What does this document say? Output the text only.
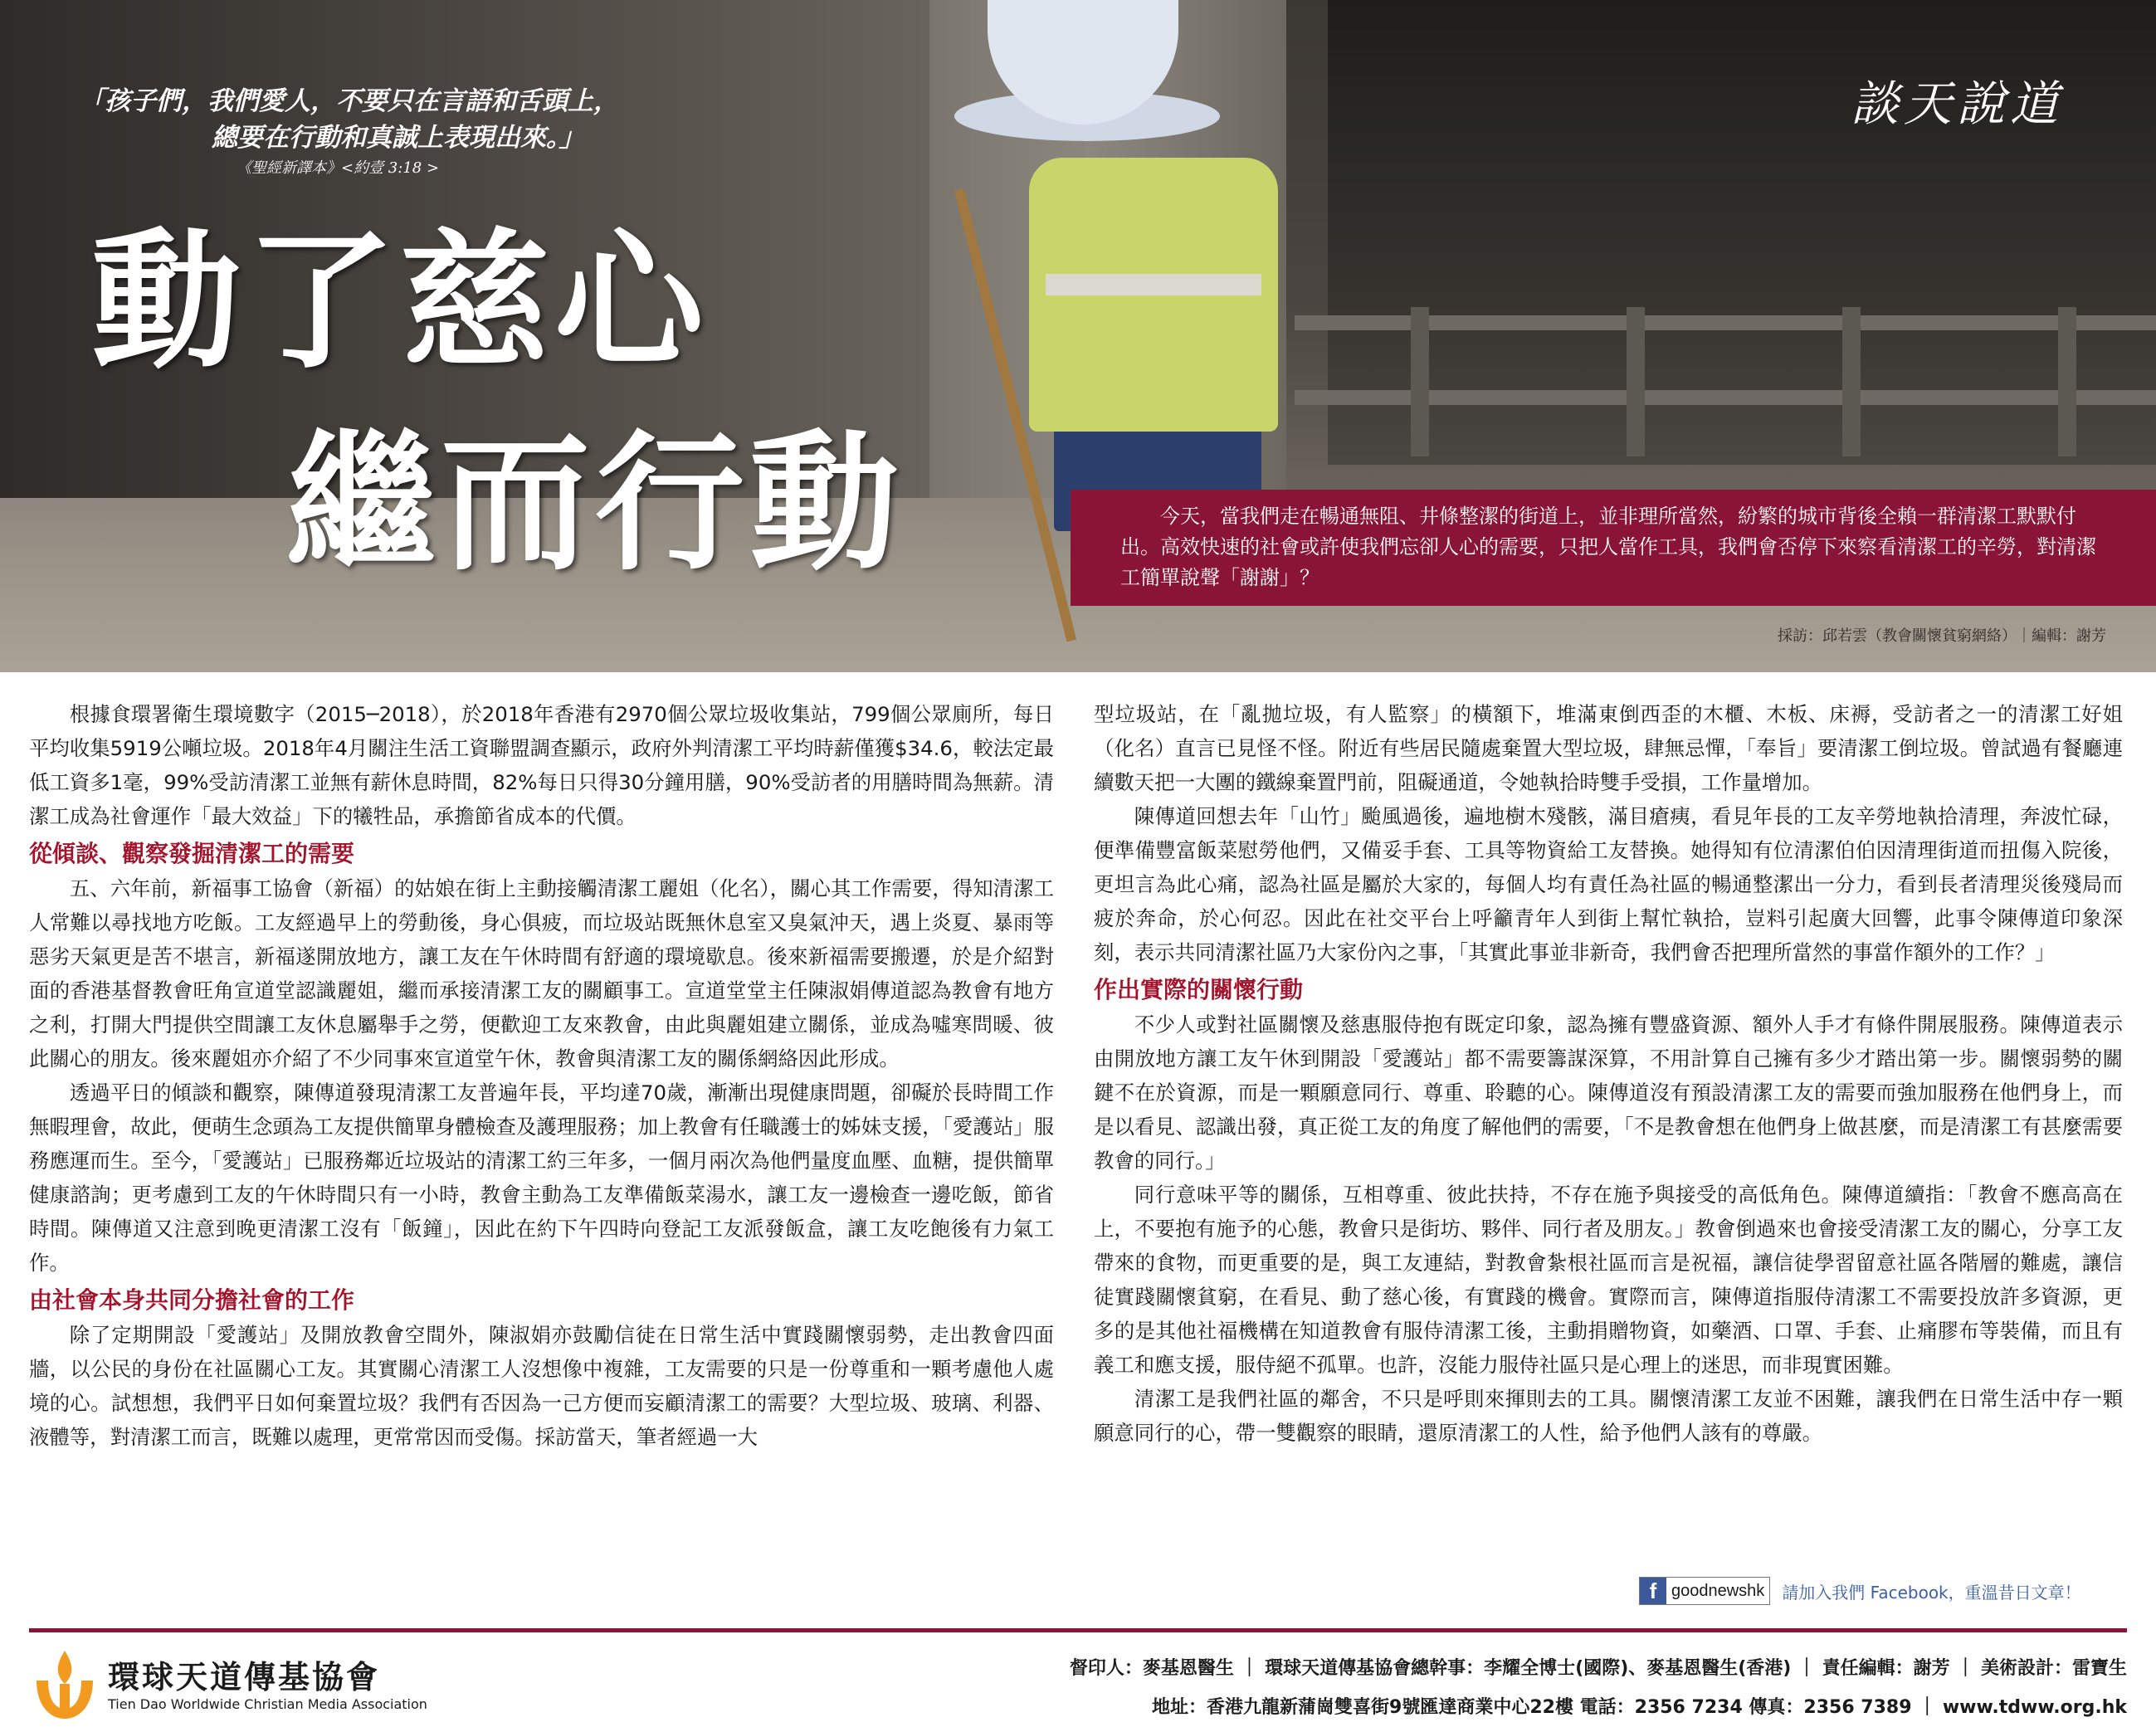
「孩子們，我們愛人，不要只在言語和舌頭上，
總要在行動和真誠上表現出來。」
《聖經新譯本》<約壹 3:18 >
談天說道
動了慈心
繼而行動	今天，當我們走在暢通無阻、井條整潔的街道上，並非理所當然，紛繁的城市背後全賴一群清潔工默默付出。高效快速的社會或許使我們忘卻人心的需要，只把人當作工具，我們會否停下來察看清潔工的辛勞，對清潔工簡單說聲「謝謝」？

採訪：邱若雲（教會關懷貧窮網絡）｜編輯：謝芳

根據食環署衛生環境數字（2015─2018），於2018年香港有2970個公眾垃圾收集站，799個公眾廁所，每日平均收集5919公噸垃圾。2018年4月關注生活工資聯盟調查顯示，政府外判清潔工平均時薪僅獲$34.6，較法定最低工資多1毫，99%受訪清潔工並無有薪休息時間，82%每日只得30分鐘用膳，90%受訪者的用膳時間為無薪。清潔工成為社會運作「最大效益」下的犧牲品，承擔節省成本的代價。

從傾談、觀察發掘清潔工的需要

五、六年前，新福事工協會（新福）的姑娘在街上主動接觸清潔工麗姐（化名），關心其工作需要，得知清潔工人常難以尋找地方吃飯。工友經過早上的勞動後，身心俱疲，而垃圾站既無休息室又臭氣沖天，遇上炎夏、暴雨等惡劣天氣更是苦不堪言，新福遂開放地方，讓工友在午休時間有舒適的環境歇息。後來新福需要搬遷，於是介紹對面的香港基督教會旺角宣道堂認識麗姐，繼而承接清潔工友的關顧事工。宣道堂堂主任陳淑娟傳道認為教會有地方之利，打開大門提供空間讓工友休息屬舉手之勞，便歡迎工友來教會，由此與麗姐建立關係，並成為噓寒問暖、彼此關心的朋友。後來麗姐亦介紹了不少同事來宣道堂午休，教會與清潔工友的關係網絡因此形成。

透過平日的傾談和觀察，陳傳道發現清潔工友普遍年長，平均達70歲，漸漸出現健康問題，卻礙於長時間工作無暇理會，故此，便萌生念頭為工友提供簡單身體檢查及護理服務；加上教會有任職護士的姊妹支援，「愛護站」服務應運而生。至今，「愛護站」已服務鄰近垃圾站的清潔工約三年多，一個月兩次為他們量度血壓、血糖，提供簡單健康諮詢；更考慮到工友的午休時間只有一小時，教會主動為工友準備飯菜湯水，讓工友一邊檢查一邊吃飯，節省時間。陳傳道又注意到晚更清潔工沒有「飯鐘」，因此在約下午四時向登記工友派發飯盒，讓工友吃飽後有力氣工作。

由社會本身共同分擔社會的工作

除了定期開設「愛護站」及開放教會空間外，陳淑娟亦鼓勵信徒在日常生活中實踐關懷弱勢，走出教會四面牆，以公民的身份在社區關心工友。其實關心清潔工人沒想像中複雜，工友需要的只是一份尊重和一顆考慮他人處境的心。試想想，我們平日如何棄置垃圾？我們有否因為一己方便而妄顧清潔工的需要？大型垃圾、玻璃、利器、液體等，對清潔工而言，既難以處理，更常常因而受傷。採訪當天，筆者經過一大

型垃圾站，在「亂拋垃圾，有人監察」的橫額下，堆滿東倒西歪的木櫃、木板、床褥，受訪者之一的清潔工好姐（化名）直言已見怪不怪。附近有些居民隨處棄置大型垃圾，肆無忌憚，「奉旨」要清潔工倒垃圾。曾試過有餐廳連續數天把一大團的鐵線棄置門前，阻礙通道，令她執拾時雙手受損，工作量增加。

陳傳道回想去年「山竹」颱風過後，遍地樹木殘骸，滿目瘡痍，看見年長的工友辛勞地執拾清理，奔波忙碌，便準備豐富飯菜慰勞他們，又備妥手套、工具等物資給工友替換。她得知有位清潔伯伯因清理街道而扭傷入院後，更坦言為此心痛，認為社區是屬於大家的，每個人均有責任為社區的暢通整潔出一分力，看到長者清理災後殘局而疲於奔命，於心何忍。因此在社交平台上呼籲青年人到街上幫忙執拾，豈料引起廣大回響，此事令陳傳道印象深刻，表示共同清潔社區乃大家份內之事，「其實此事並非新奇，我們會否把理所當然的事當作額外的工作？」

作出實際的關懷行動

不少人或對社區關懷及慈惠服侍抱有既定印象，認為擁有豐盛資源、額外人手才有條件開展服務。陳傳道表示由開放地方讓工友午休到開設「愛護站」都不需要籌謀深算，不用計算自己擁有多少才踏出第一步。關懷弱勢的關鍵不在於資源，而是一顆願意同行、尊重、聆聽的心。陳傳道沒有預設清潔工友的需要而強加服務在他們身上，而是以看見、認識出發，真正從工友的角度了解他們的需要，「不是教會想在他們身上做甚麼，而是清潔工有甚麼需要教會的同行。」

同行意味平等的關係，互相尊重、彼此扶持，不存在施予與接受的高低角色。陳傳道續指：「教會不應高高在上，不要抱有施予的心態，教會只是街坊、夥伴、同行者及朋友。」教會倒過來也會接受清潔工友的關心，分享工友帶來的食物，而更重要的是，與工友連結，對教會紮根社區而言是祝福，讓信徒學習留意社區各階層的難處，讓信徒實踐關懷貧窮，在看見、動了慈心後，有實踐的機會。實際而言，陳傳道指服侍清潔工不需要投放許多資源，更多的是其他社福機構在知道教會有服侍清潔工後，主動捐贈物資，如藥酒、口罩、手套、止痛膠布等裝備，而且有義工和應支援，服侍絕不孤單。也許，沒能力服侍社區只是心理上的迷思，而非現實困難。

清潔工是我們社區的鄰舍，不只是呼則來揮則去的工具。關懷清潔工友並不困難，讓我們在日常生活中存一顆願意同行的心，帶一雙觀察的眼睛，還原清潔工的人性，給予他們人該有的尊嚴。

f goodnewshk 請加入我們 Facebook，重溫昔日文章！
環球天道傳基協會
Tien Dao Worldwide Christian Media Association
督印人：麥基恩醫生 ｜ 環球天道傳基協會總幹事：李耀全博士(國際)、麥基恩醫生(香港) ｜ 責任編輯：謝芳 ｜ 美術設計：雷寶生
地址：香港九龍新蒲崗雙喜街9號匯達商業中心22樓 電話：2356 7234 傳真：2356 7389 ｜ www.tdww.org.hk
